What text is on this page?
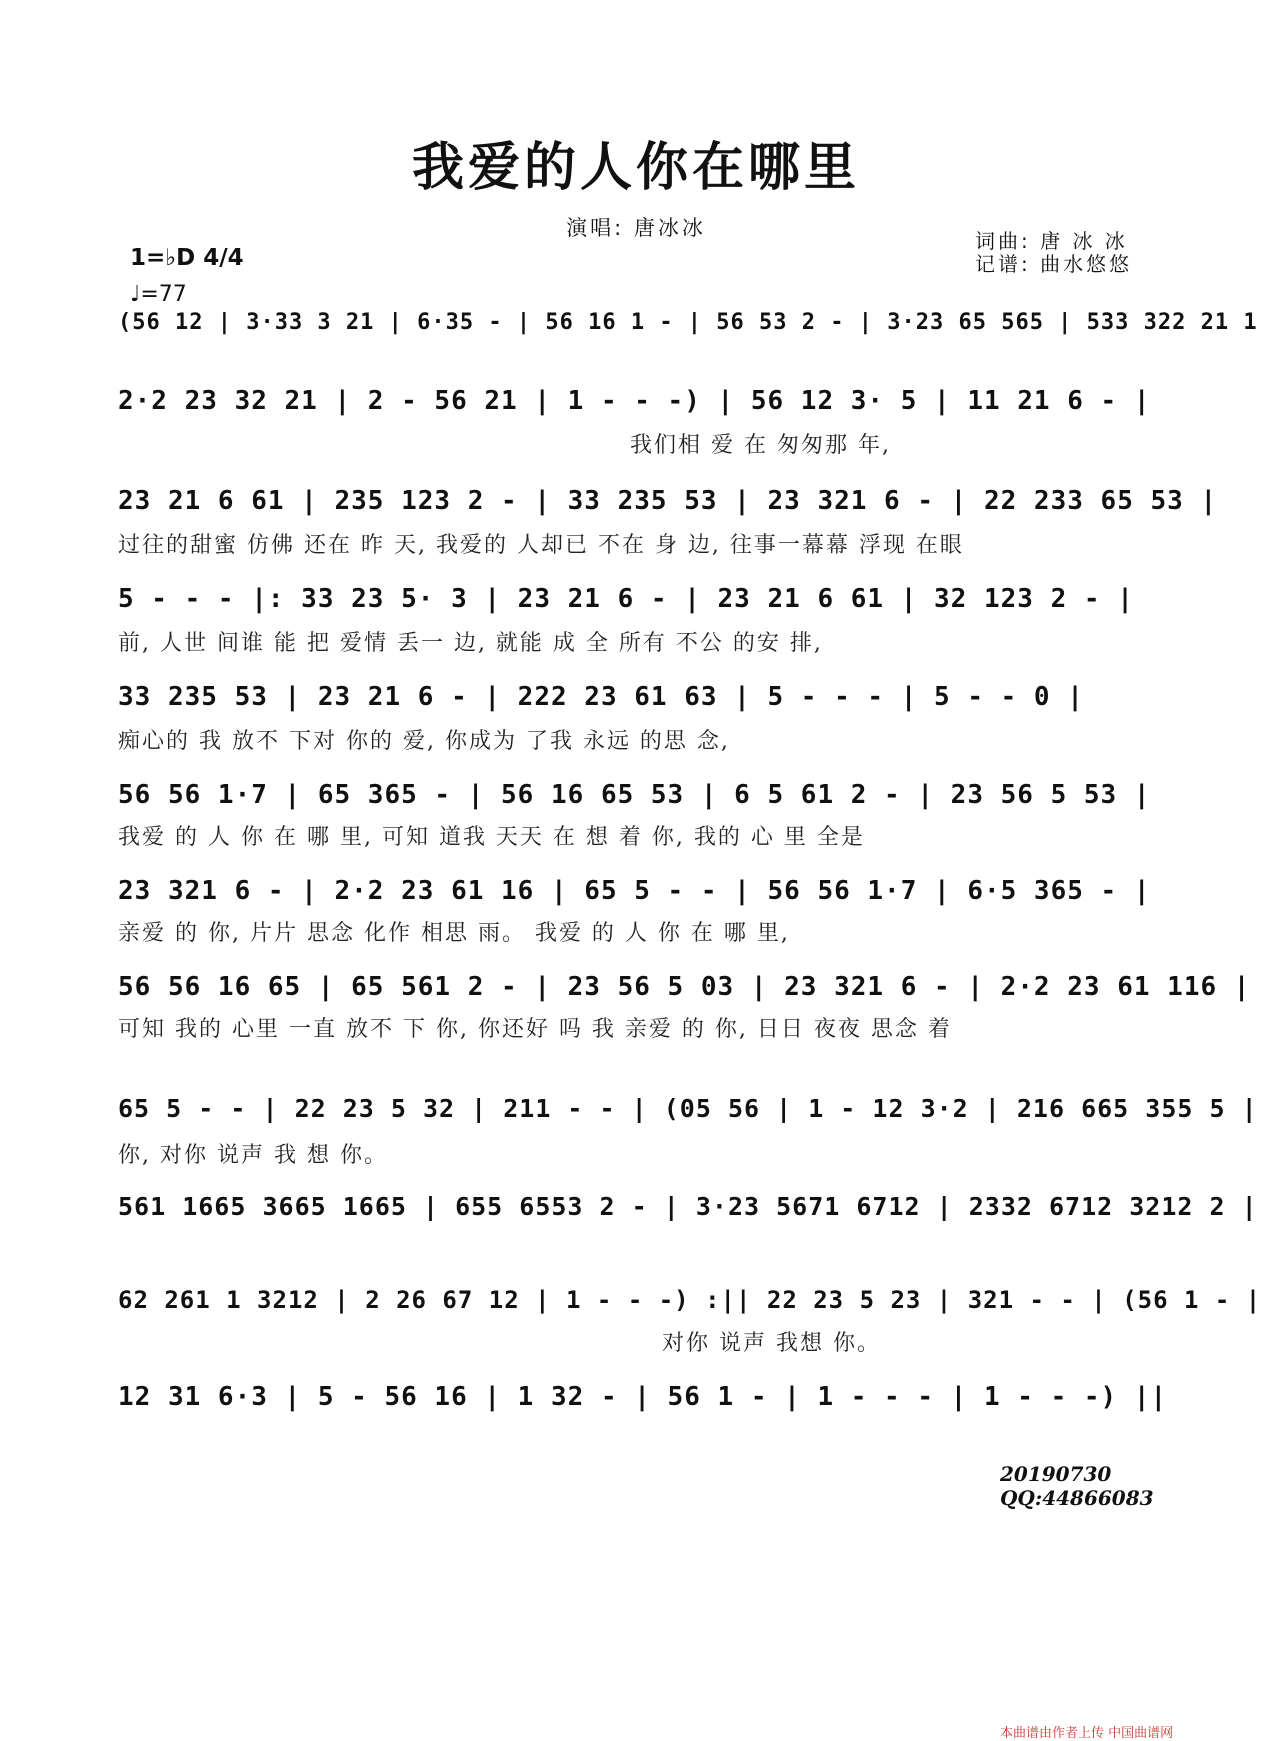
我爱的人你在哪里
演唱: 唐冰冰
1=♭D 4/4
♩=77
词曲: 唐 冰 冰
记谱: 曲水悠悠
(56 12 | 3·33 3 21 | 6·35 - | 56 16 1 - | 56 53 2 - | 3·23 65 565 | 533 322 21 1
2·2 23 32 21 | 2 - 56 21 | 1 - - -) | 56 12 3· 5 | 11 21 6 - |
我们相 爱 在 匆匆那 年,
23 21 6 61 | 235 123 2 - | 33 235 53 | 23 321 6 - | 22 233 65 53 |
过往的甜蜜 仿佛 还在 昨 天, 我爱的 人却已 不在 身 边, 往事一幕幕 浮现 在眼
5 - - - |: 33 23 5· 3 | 23 21 6 - | 23 21 6 61 | 32 123 2 - |
前, 人世 间谁 能 把 爱情 丢一 边, 就能 成 全 所有 不公 的安 排,
33 235 53 | 23 21 6 - | 222 23 61 63 | 5 - - - | 5 - - 0 |
痴心的 我 放不 下对 你的 爱, 你成为 了我 永远 的思 念,
56 56 1·7 | 65 365 - | 56 16 65 53 | 6 5 61 2 - | 23 56 5 53 |
我爱 的 人 你 在 哪 里, 可知 道我 天天 在 想 着 你, 我的 心 里 全是
23 321 6 - | 2·2 23 61 16 | 65 5 - - | 56 56 1·7 | 6·5 365 - |
亲爱 的 你, 片片 思念 化作 相思 雨。 我爱 的 人 你 在 哪 里,
56 56 16 65 | 65 561 2 - | 23 56 5 03 | 23 321 6 - | 2·2 23 61 116 |
可知 我的 心里 一直 放不 下 你, 你还好 吗 我 亲爱 的 你, 日日 夜夜 思念 着
65 5 - - | 22 23 5 32 | 211 - - | (05 56 | 1 - 12 3·2 | 216 665 355 5 |
你, 对你 说声 我 想 你。
561 1665 3665 1665 | 655 6553 2 - | 3·23 5671 6712 | 2332 6712 3212 2 |
62 261 1 3212 | 2 26 67 12 | 1 - - -) :|| 22 23 5 23 | 321 - - | (56 1 - |
对你 说声 我想 你。
12 31 6·3 | 5 - 56 16 | 1 32 - | 56 1 - | 1 - - - | 1 - - -) ||
20190730
QQ:44866083
本曲谱由作者上传 中国曲谱网
